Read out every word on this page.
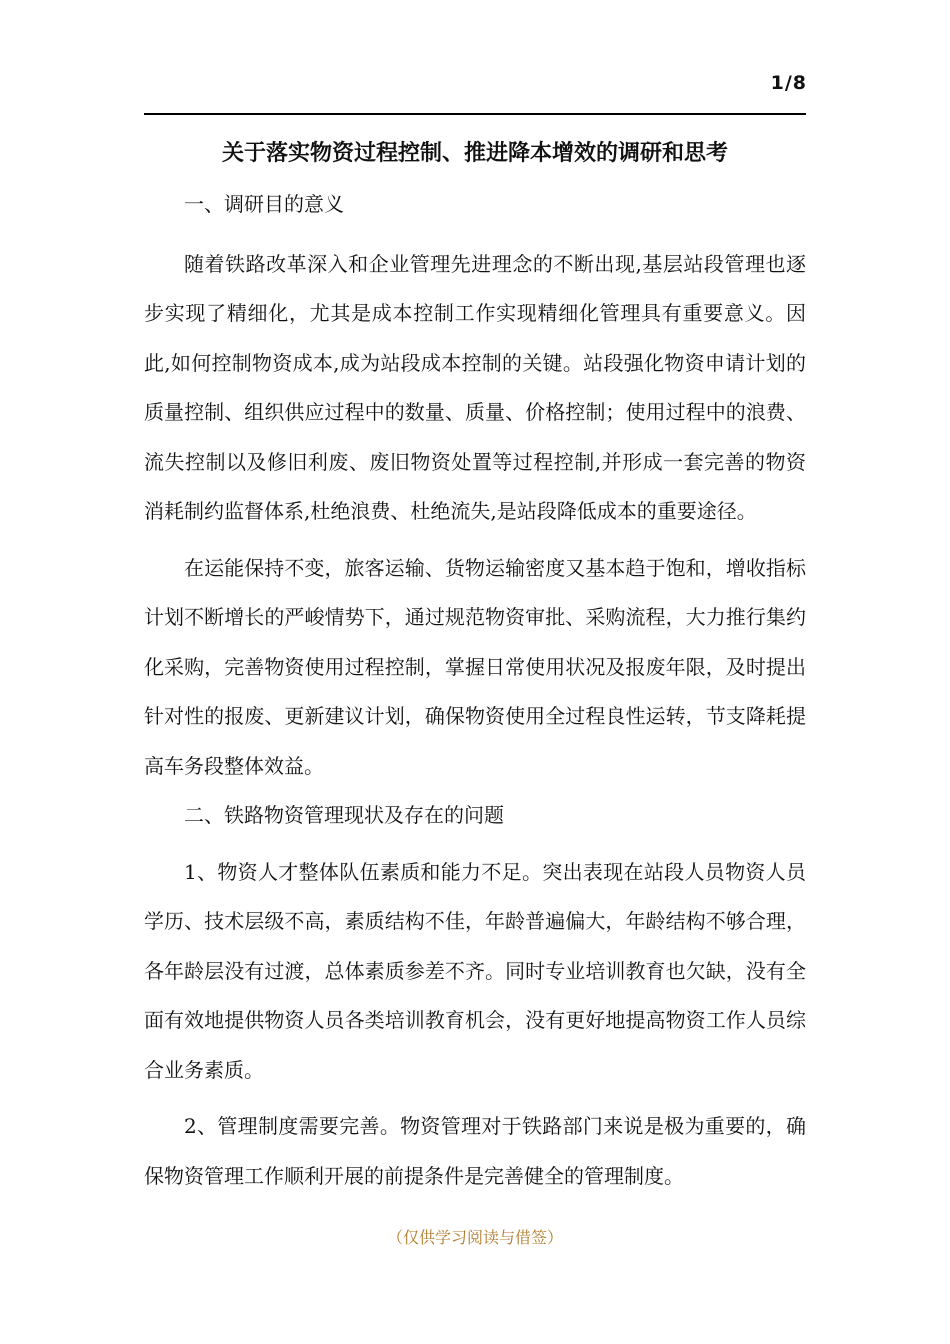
1/8
关于落实物资过程控制、推进降本增效的调研和思考

一、调研目的意义

随着铁路改革深入和企业管理先进理念的不断出现,基层站段管理也逐步实现了精细化，尤其是成本控制工作实现精细化管理具有重要意义。因此,如何控制物资成本,成为站段成本控制的关键。站段强化物资申请计划的质量控制、组织供应过程中的数量、质量、价格控制；使用过程中的浪费、流失控制以及修旧利废、废旧物资处置等过程控制,并形成一套完善的物资消耗制约监督体系,杜绝浪费、杜绝流失,是站段降低成本的重要途径。

在运能保持不变，旅客运输、货物运输密度又基本趋于饱和，增收指标计划不断增长的严峻情势下，通过规范物资审批、采购流程，大力推行集约化采购，完善物资使用过程控制，掌握日常使用状况及报废年限，及时提出针对性的报废、更新建议计划，确保物资使用全过程良性运转，节支降耗提高车务段整体效益。

二、铁路物资管理现状及存在的问题

1、物资人才整体队伍素质和能力不足。突出表现在站段人员物资人员学历、技术层级不高，素质结构不佳，年龄普遍偏大，年龄结构不够合理，各年龄层没有过渡，总体素质参差不齐。同时专业培训教育也欠缺，没有全面有效地提供物资人员各类培训教育机会，没有更好地提高物资工作人员综合业务素质。

2、管理制度需要完善。物资管理对于铁路部门来说是极为重要的，确保物资管理工作顺利开展的前提条件是完善健全的管理制度。

（仅供学习阅读与借签）
